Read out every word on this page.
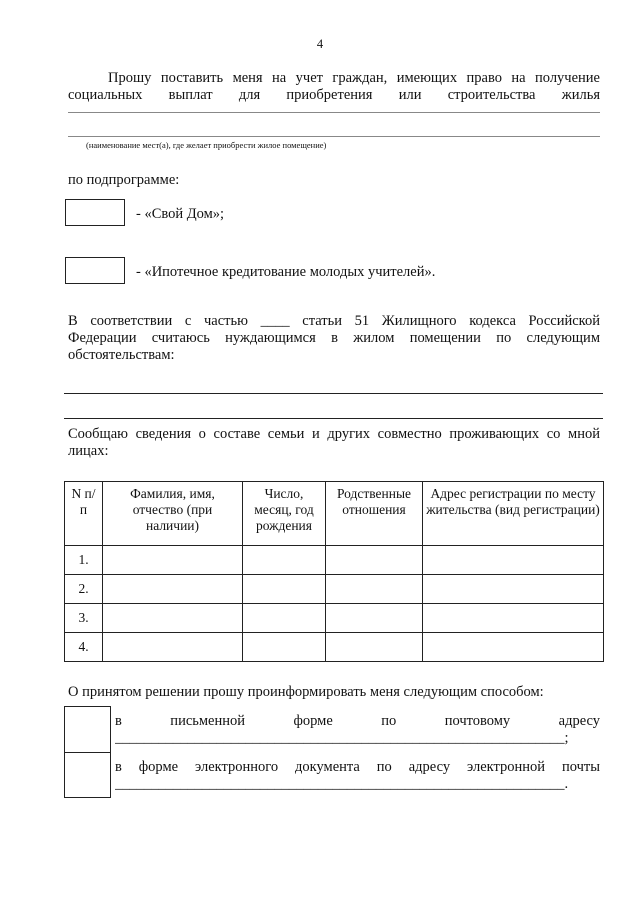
4
Прошу поставить меня на учет граждан, имеющих право на получение
социальных выплат для приобретения или строительства жилья
(наименование мест(а), где желает приобрести жилое помещение)
по подпрограмме:
- «Свой Дом»;
- «Ипотечное кредитование молодых учителей».
В соответствии с частью ____ статьи 51 Жилищного кодекса Российской
Федерации считаюсь нуждающимся в жилом помещении по следующим
обстоятельствам:
Сообщаю сведения о составе семьи и других совместно проживающих со мной
лицах:
N п/п	Фамилия, имя, отчество (при наличии)	Число, месяц, год рождения	Родственные отношения	Адрес регистрации по месту жительства (вид регистрации)
1.				
2.				
3.				
4.				
О принятом решении прошу проинформировать меня следующим способом:
в письменной форме по почтовому адресу
______________________________________________________________;
в форме электронного документа по адресу электронной почты
______________________________________________________________.
